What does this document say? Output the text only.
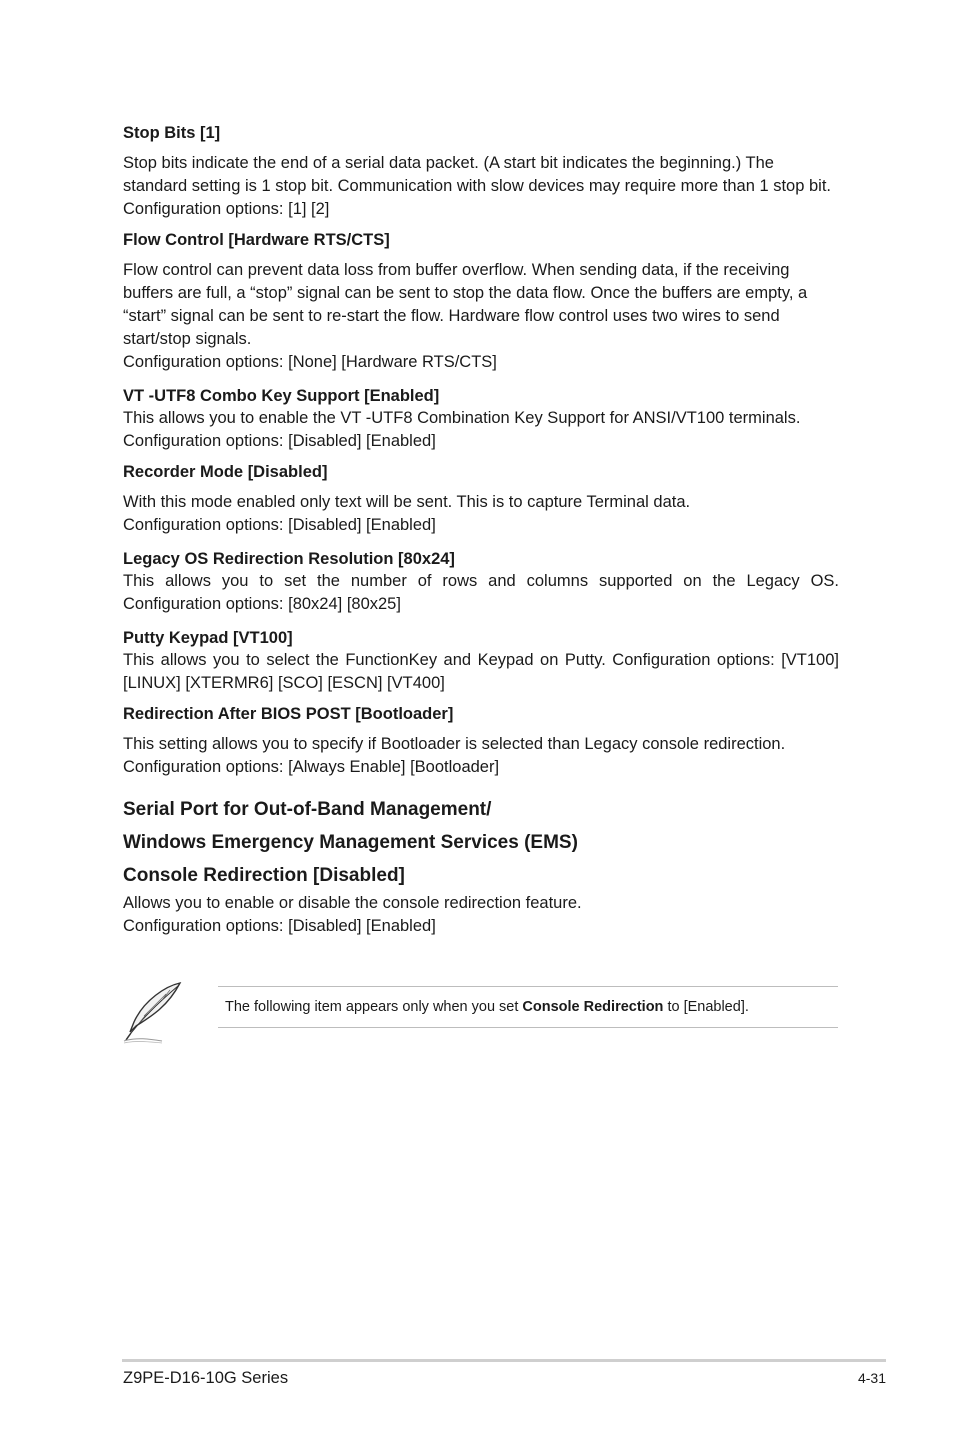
Stop Bits [1]

Stop bits indicate the end of a serial data packet. (A start bit indicates the beginning.) The standard setting is 1 stop bit. Communication with slow devices may require more than 1 stop bit. Configuration options: [1] [2]

Flow Control [Hardware RTS/CTS]

Flow control can prevent data loss from buffer overflow. When sending data, if the receiving buffers are full, a “stop” signal can be sent to stop the data flow. Once the buffers are empty, a “start” signal can be sent to re-start the flow. Hardware flow control uses two wires to send start/stop signals.

Configuration options: [None] [Hardware RTS/CTS]

VT -UTF8 Combo Key Support [Enabled]

This allows you to enable the VT -UTF8 Combination Key Support for ANSI/VT100 terminals.

Configuration options: [Disabled] [Enabled]

Recorder Mode [Disabled]

With this mode enabled only text will be sent. This is to capture Terminal data.

Configuration options: [Disabled] [Enabled]

Legacy OS Redirection Resolution [80x24]

This allows you to set the number of rows and columns supported on the Legacy OS. Configuration options: [80x24] [80x25]

Putty Keypad [VT100]

This allows you to select the FunctionKey and Keypad on Putty. Configuration options: [VT100] [LINUX] [XTERMR6] [SCO] [ESCN] [VT400]

Redirection After BIOS POST [Bootloader]

This setting allows you to specify if Bootloader is selected than Legacy console redirection.

Configuration options: [Always Enable] [Bootloader]

Serial Port for Out-of-Band Management/

Windows Emergency Management Services (EMS)

Console Redirection [Disabled]

Allows you to enable or disable the console redirection feature.

Configuration options: [Disabled] [Enabled]

The following item appears only when you set Console Redirection to [Enabled].
Z9PE-D16-10G Series	4-31
